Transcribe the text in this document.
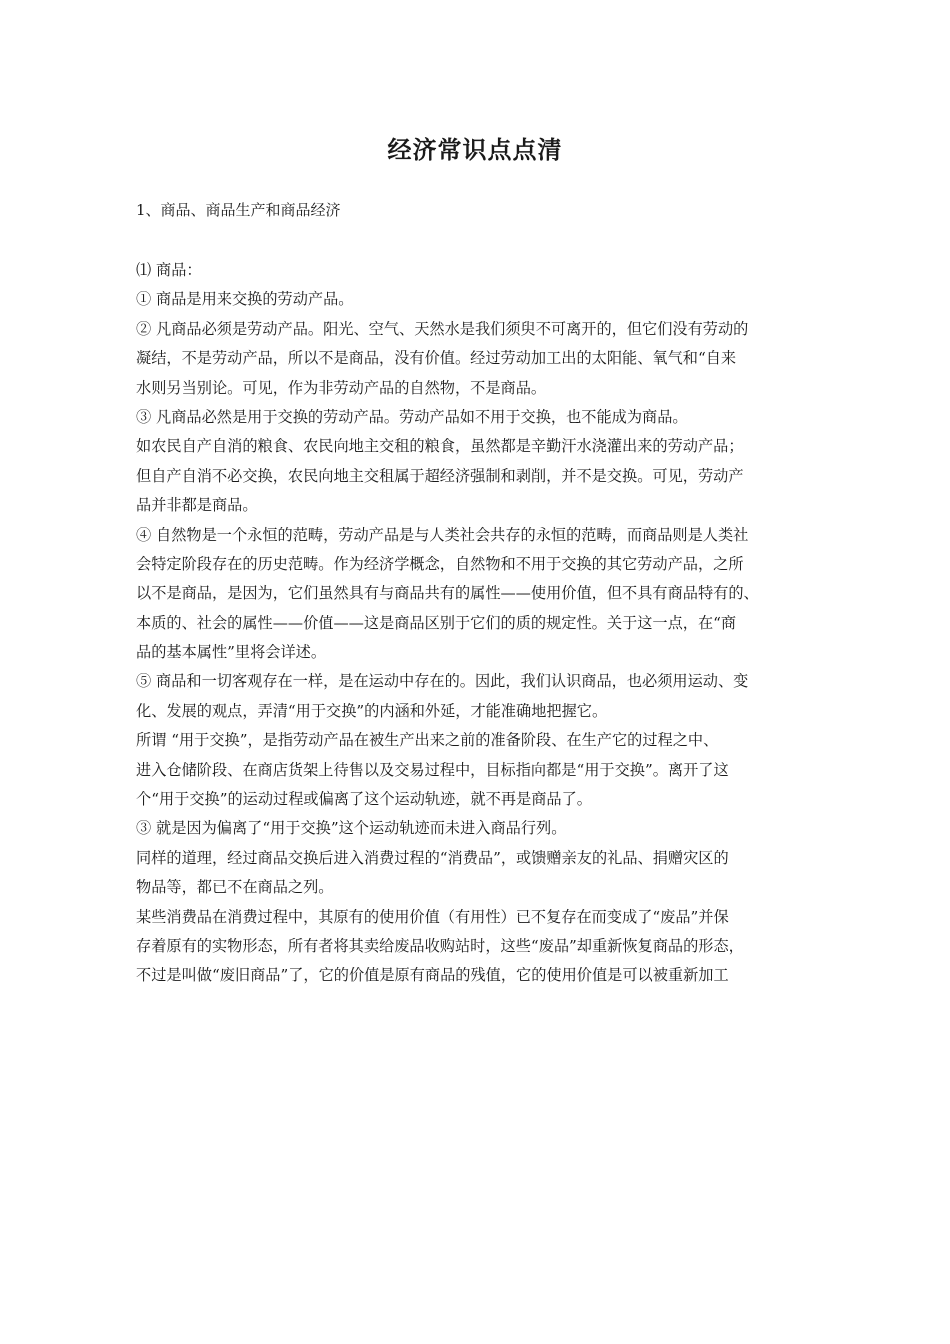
经济常识点点清
1、商品、商品生产和商品经济
⑴ 商品：
① 商品是用来交换的劳动产品。
② 凡商品必须是劳动产品。阳光、空气、天然水是我们须臾不可离开的，但它们没有劳动的
凝结，不是劳动产品，所以不是商品，没有价值。经过劳动加工出的太阳能、氧气和“自来
水则另当别论。可见，作为非劳动产品的自然物，不是商品。
③ 凡商品必然是用于交换的劳动产品。劳动产品如不用于交换，也不能成为商品。
如农民自产自消的粮食、农民向地主交租的粮食，虽然都是辛勤汗水浇灌出来的劳动产品；
但自产自消不必交换，农民向地主交租属于超经济强制和剥削，并不是交换。可见，劳动产
品并非都是商品。
④ 自然物是一个永恒的范畴，劳动产品是与人类社会共存的永恒的范畴，而商品则是人类社
会特定阶段存在的历史范畴。作为经济学概念，自然物和不用于交换的其它劳动产品，之所
以不是商品，是因为，它们虽然具有与商品共有的属性——使用价值，但不具有商品特有的、
本质的、社会的属性——价值——这是商品区别于它们的质的规定性。关于这一点，在“商
品的基本属性”里将会详述。
⑤ 商品和一切客观存在一样，是在运动中存在的。因此，我们认识商品，也必须用运动、变
化、发展的观点，弄清“用于交换”的内涵和外延，才能准确地把握它。
所谓 “用于交换”，是指劳动产品在被生产出来之前的准备阶段、在生产它的过程之中、
进入仓储阶段、在商店货架上待售以及交易过程中，目标指向都是“用于交换”。离开了这
个“用于交换”的运动过程或偏离了这个运动轨迹，就不再是商品了。
③ 就是因为偏离了“用于交换”这个运动轨迹而未进入商品行列。
同样的道理，经过商品交换后进入消费过程的“消费品”，或馈赠亲友的礼品、捐赠灾区的
物品等，都已不在商品之列。
某些消费品在消费过程中，其原有的使用价值（有用性）已不复存在而变成了“废品”并保
存着原有的实物形态，所有者将其卖给废品收购站时，这些“废品”却重新恢复商品的形态，
不过是叫做“废旧商品”了，它的价值是原有商品的残值，它的使用价值是可以被重新加工
